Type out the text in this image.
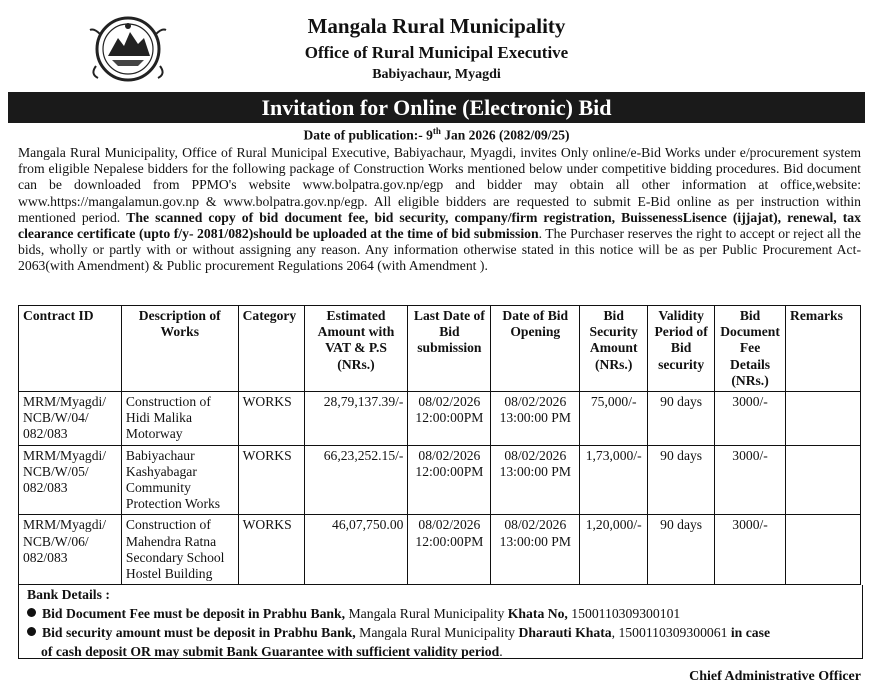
Mangala Rural Municipality
Office of Rural Municipal Executive
Babiyachaur, Myagdi
Invitation for Online (Electronic) Bid
Date of publication:- 9th Jan 2026 (2082/09/25)
Mangala Rural Municipality, Office of Rural Municipal Executive, Babiyachaur, Myagdi, invites Only online/e-Bid Works under e/procurement system from eligible Nepalese bidders for the following package of Construction Works mentioned below under competitive bidding procedures. Bid document can be downloaded from PPMO's website www.bolpatra.gov.np/egp and bidder may obtain all other information at office,website: www.https://mangalamun.gov.np & www.bolpatra.gov.np/egp. All eligible bidders are requested to submit E-Bid online as per instruction within mentioned period. The scanned copy of bid document fee, bid security, company/firm registration, BuissenessLisence (ijjajat), renewal, tax clearance certificate (upto f/y- 2081/082)should be uploaded at the time of bid submission. The Purchaser reserves the right to accept or reject all the bids, wholly or partly with or without assigning any reason. Any information otherwise stated in this notice will be as per Public Procurement Act-2063(with Amendment) & Public procurement Regulations 2064 (with Amendment ).
Contract ID	Description of Works	Category	Estimated Amount with VAT & P.S (NRs.)	Last Date of Bid submission	Date of Bid Opening	Bid Security Amount (NRs.)	Validity Period of Bid security	Bid Document Fee Details (NRs.)	Remarks
MRM/Myagdi/ NCB/W/04/ 082/083	Construction of Hidi Malika Motorway	WORKS	28,79,137.39/-	08/02/2026 12:00:00PM	08/02/2026 13:00:00 PM	75,000/-	90 days	3000/-	
MRM/Myagdi/ NCB/W/05/ 082/083	Babiyachaur Kashyabagar Community Protection Works	WORKS	66,23,252.15/-	08/02/2026 12:00:00PM	08/02/2026 13:00:00 PM	1,73,000/-	90 days	3000/-	
MRM/Myagdi/ NCB/W/06/ 082/083	Construction of Mahendra Ratna Secondary School Hostel Building	WORKS	46,07,750.00	08/02/2026 12:00:00PM	08/02/2026 13:00:00 PM	1,20,000/-	90 days	3000/-	
Bank Details :
Bid Document Fee must be deposit in Prabhu Bank, Mangala Rural Municipality Khata No, 1500110309300101
Bid security amount must be deposit in Prabhu Bank, Mangala Rural Municipality Dharauti Khata, 1500110309300061 in case
of cash deposit OR may submit Bank Guarantee with sufficient validity period.
Chief Administrative Officer
